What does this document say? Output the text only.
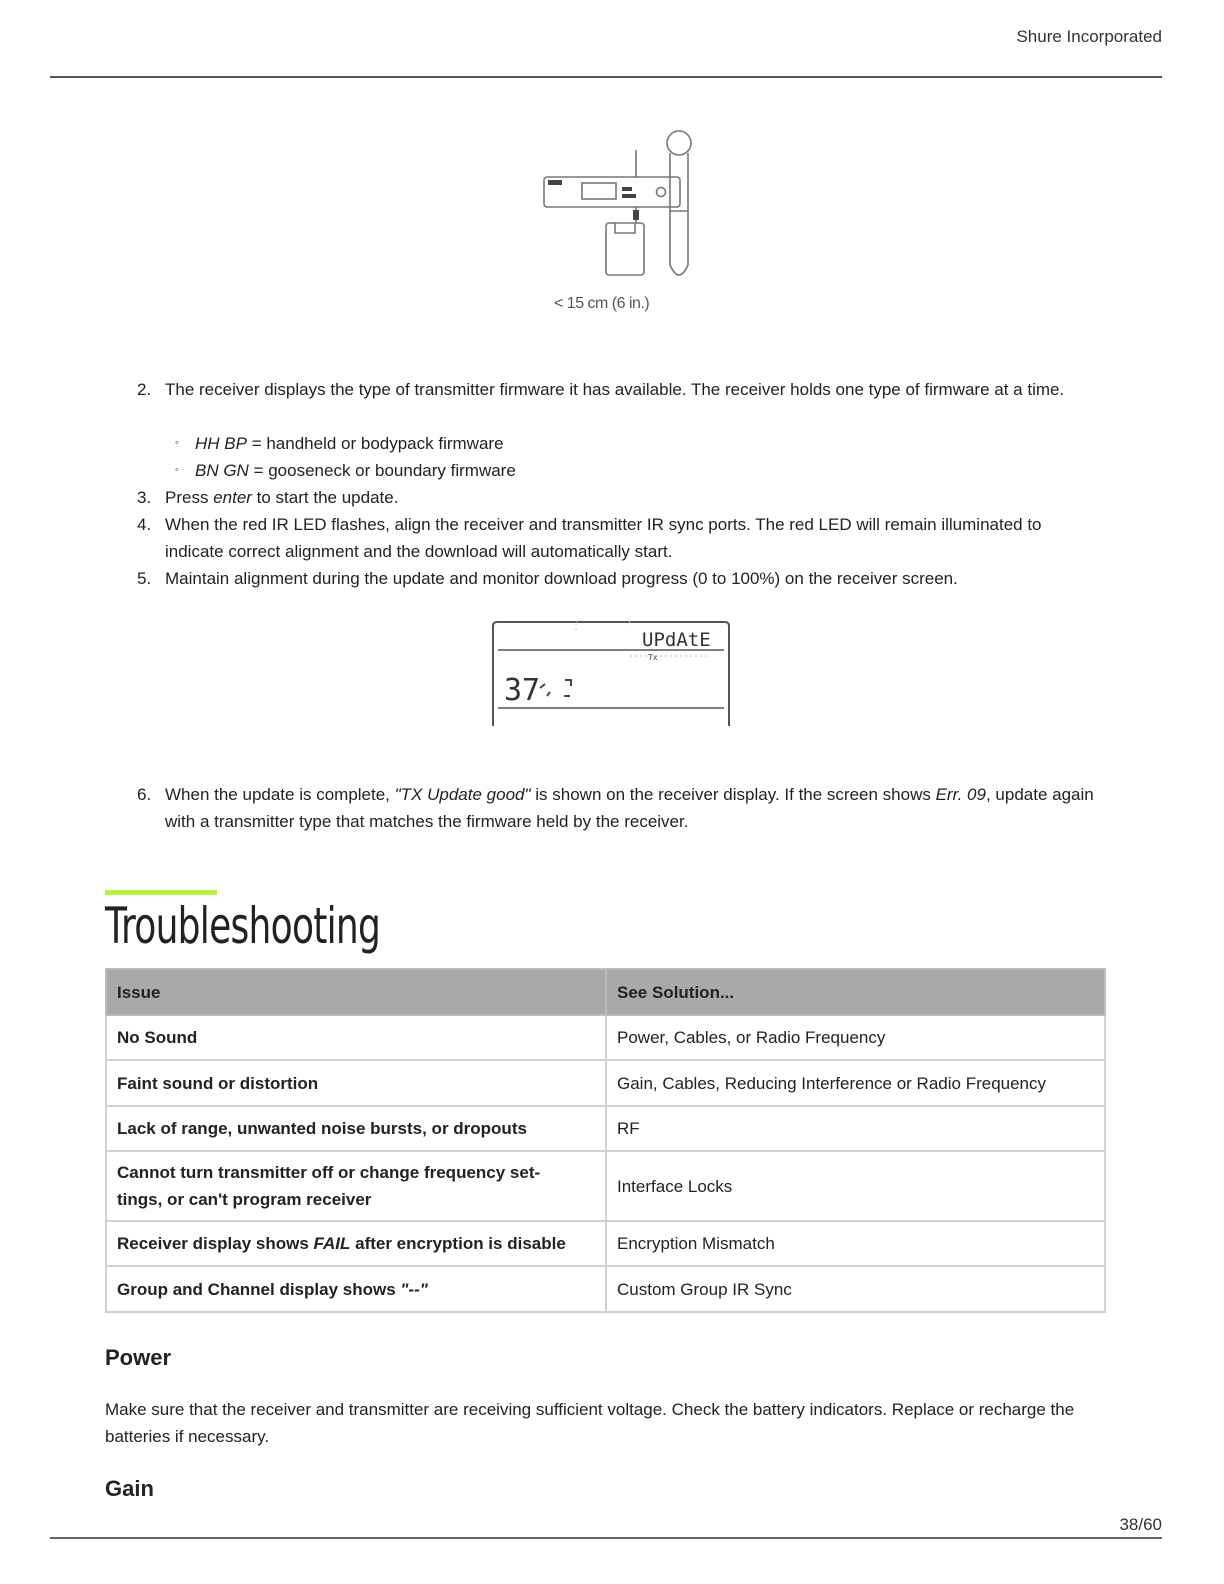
Shure Incorporated
< 15 cm (6 in.)
2. The receiver displays the type of transmitter firmware it has available. The receiver holds one type of firmware at a time.
◦ HH BP = handheld or bodypack firmware
◦ BN GN = gooseneck or boundary firmware
3. Press enter to start the update.
4. When the red IR LED flashes, align the receiver and transmitter IR sync ports. The red LED will remain illuminated to indicate correct alignment and the download will automatically start.
5. Maintain alignment during the update and monitor download progress (0 to 100%) on the receiver screen.
6. When the update is complete, "TX Update good" is shown on the receiver display. If the screen shows Err. 09, update again with a transmitter type that matches the firmware held by the receiver.
UPdAtE
Tx
37
Troubleshooting
Issue	See Solution...
No Sound	Power, Cables, or Radio Frequency
Faint sound or distortion	Gain, Cables, Reducing Interference or Radio Frequency
Lack of range, unwanted noise bursts, or dropouts	RF
Cannot turn transmitter off or change frequency set-
tings, or can't program receiver	Interface Locks
Receiver display shows FAIL after encryption is disable	Encryption Mismatch
Group and Channel display shows "--"	Custom Group IR Sync
Power
Make sure that the receiver and transmitter are receiving sufficient voltage. Check the battery indicators. Replace or recharge the batteries if necessary.
Gain
38/60
